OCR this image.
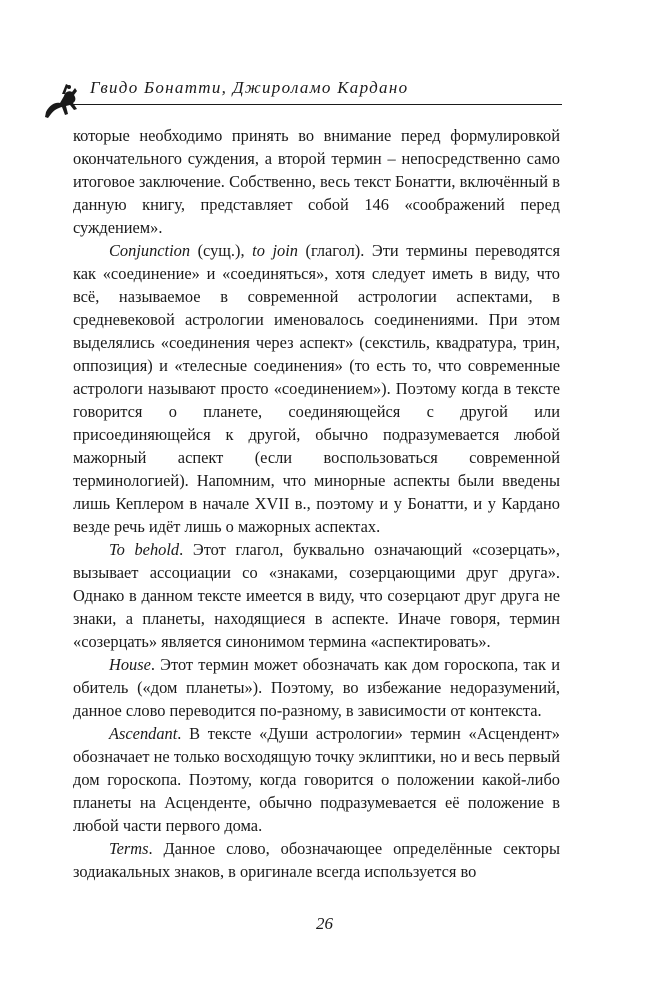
Гвидо Бонатти, Джироламо Кардано

которые необходимо принять во внимание перед формулировкой окончательного суждения, а второй термин – непосредственно само итоговое заключение. Собственно, весь текст Бонатти, включённый в данную книгу, представляет собой 146 «соображений перед суждением».

Conjunction (сущ.), to join (глагол). Эти термины переводятся как «соединение» и «соединяться», хотя следует иметь в виду, что всё, называемое в современной астрологии аспектами, в средневековой астрологии именовалось соединениями. При этом выделялись «соединения через аспект» (секстиль, квадратура, трин, оппозиция) и «телесные соединения» (то есть то, что современные астрологи называют просто «соединением»). Поэтому когда в тексте говорится о планете, соединяющейся с другой или присоединяющейся к другой, обычно подразумевается любой мажорный аспект (если воспользоваться современной терминологией). Напомним, что минорные аспекты были введены лишь Кеплером в начале XVII в., поэтому и у Бонатти, и у Кардано везде речь идёт лишь о мажорных аспектах.

To behold. Этот глагол, буквально означающий «созерцать», вызывает ассоциации со «знаками, созерцающими друг друга». Однако в данном тексте имеется в виду, что созерцают друг друга не знаки, а планеты, находящиеся в аспекте. Иначе говоря, термин «созерцать» является синонимом термина «аспектировать».

House. Этот термин может обозначать как дом гороскопа, так и обитель («дом планеты»). Поэтому, во избежание недоразумений, данное слово переводится по-разному, в зависимости от контекста.

Ascendant. В тексте «Души астрологии» термин «Асцендент» обозначает не только восходящую точку эклиптики, но и весь первый дом гороскопа. Поэтому, когда говорится о положении какой-либо планеты на Асценденте, обычно подразумевается её положение в любой части первого дома.

Terms. Данное слово, обозначающее определённые секторы зодиакальных знаков, в оригинале всегда используется во

26
